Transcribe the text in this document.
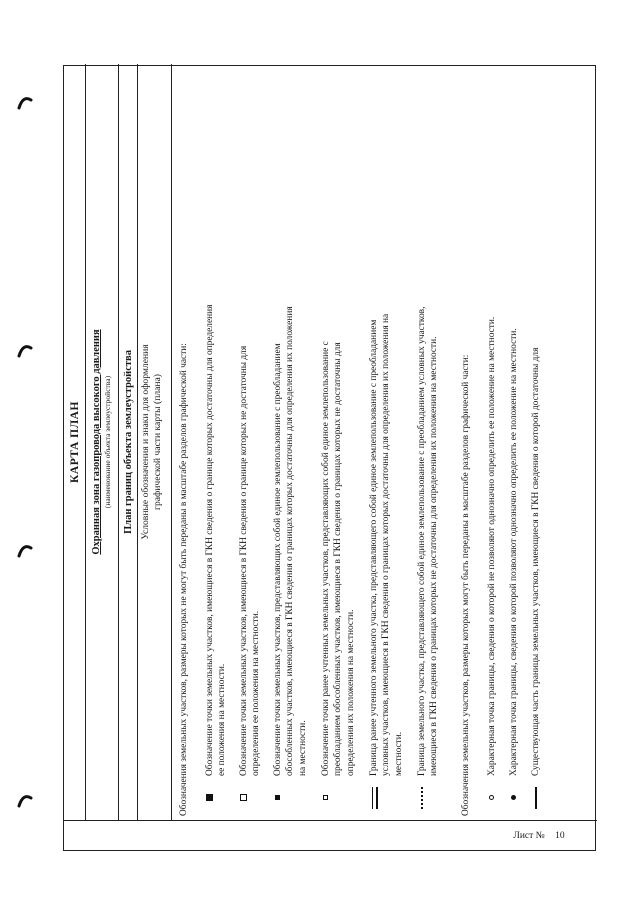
Лист № 10
КАРТА ПЛАН Охранная зона газопровода высокого давления (наименование объекта землеустройства)	План границ объекта землеустройства Условные обозначения и знаки для оформления графической части карты (плана) Обозначения земельных участков, размеры которых не могут быть переданы в масштабе разделов графической части: Обозначение точки земельных участков, имеющиеся в ГКН сведения о границе которых достаточны для определения ее положения на местности. Обозначение точки земельных участков, имеющиеся в ГКН сведения о границе которых не достаточны для определения ее положения на местности. Обозначение точки земельных участков, представляющих собой единое землепользование с преобладанием обособленных участков, имеющиеся в ГКН сведения о границах которых достаточны для определения их положения на местности. Обозначение точки ранее учтенных земельных участков, представляющих собой единое землепользование с преобладанием обособленных участков, имеющиеся в ГКН сведения о границах которых не достаточны для определения их положения на местности. Граница ранее учтенного земельного участка, представляющего собой единое землепользование с преобладанием условных участков, имеющиеся в ГКН сведения о границах которых достаточны для определения их положения на местности. Граница земельного участка, представляющего собой единое землепользование с преобладанием условных участков, имеющиеся в ГКН сведения о границах которых не достаточны для определения их положения на местности. Обозначения земельных участков, размеры которых могут быть переданы в масштабе разделов графической части: Характерная точка границы, сведения о которой не позволяют однозначно определить ее положение на местности. Характерная точка границы, сведения о которой позволяют однозначно определить ее положение на местности. Существующая часть границы земельных участков, имеющиеся в ГКН сведения о которой достаточны для
